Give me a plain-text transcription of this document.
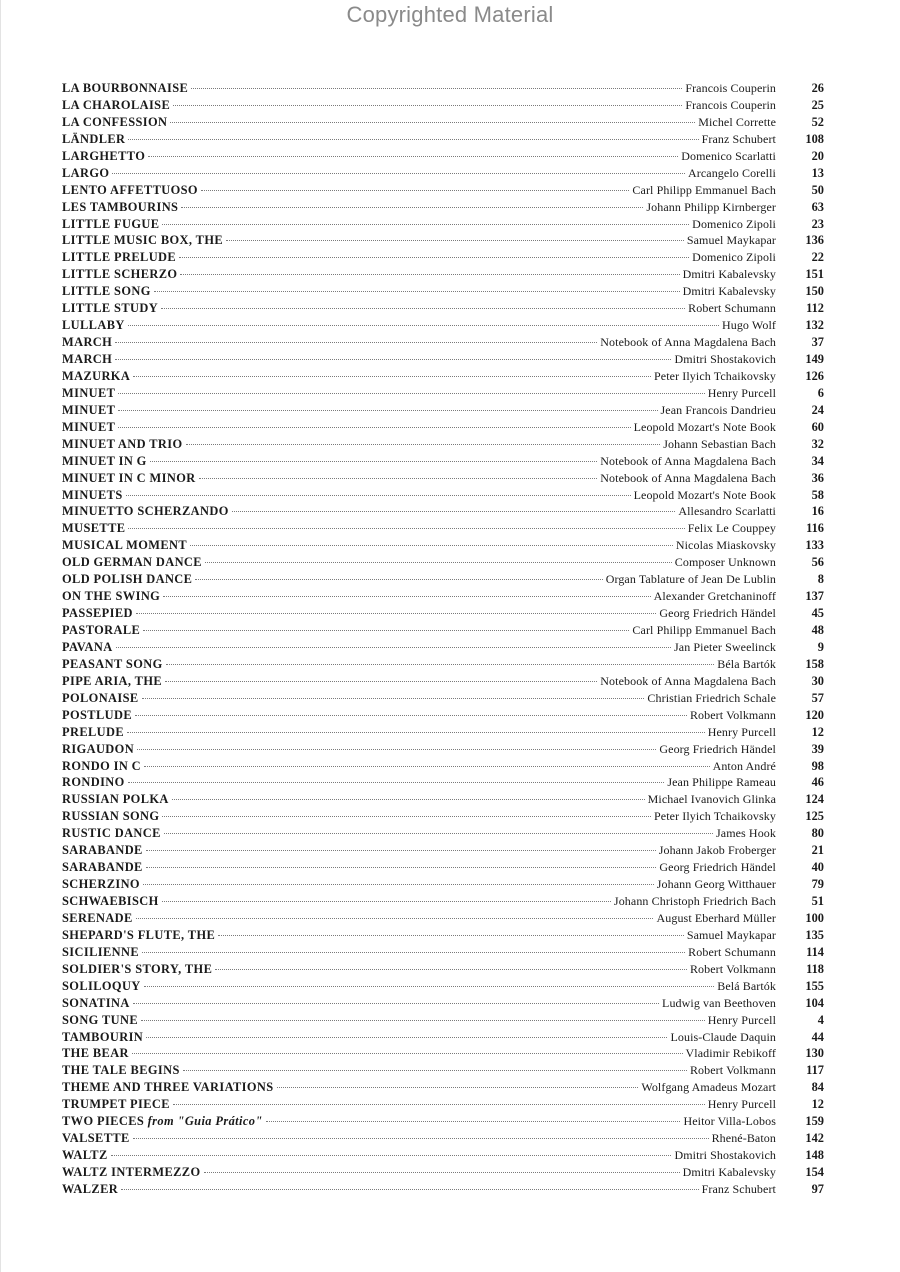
Copyrighted Material
LA BOURBONNAISE	Francois Couperin	26
LA CHAROLAISE	Francois Couperin	25
LA CONFESSION	Michel Corrette	52
LÄNDLER	Franz Schubert	108
LARGHETTO	Domenico Scarlatti	20
LARGO	Arcangelo Corelli	13
LENTO AFFETTUOSO	Carl Philipp Emmanuel Bach	50
LES TAMBOURINS	Johann Philipp Kirnberger	63
LITTLE FUGUE	Domenico Zipoli	23
LITTLE MUSIC BOX, THE	Samuel Maykapar	136
LITTLE PRELUDE	Domenico Zipoli	22
LITTLE SCHERZO	Dmitri Kabalevsky	151
LITTLE SONG	Dmitri Kabalevsky	150
LITTLE STUDY	Robert Schumann	112
LULLABY	Hugo Wolf	132
MARCH	Notebook of Anna Magdalena Bach	37
MARCH	Dmitri Shostakovich	149
MAZURKA	Peter Ilyich Tchaikovsky	126
MINUET	Henry Purcell	6
MINUET	Jean Francois Dandrieu	24
MINUET	Leopold Mozart's Note Book	60
MINUET AND TRIO	Johann Sebastian Bach	32
MINUET IN G	Notebook of Anna Magdalena Bach	34
MINUET IN C MINOR	Notebook of Anna Magdalena Bach	36
MINUETS	Leopold Mozart's Note Book	58
MINUETTO SCHERZANDO	Allesandro Scarlatti	16
MUSETTE	Felix Le Couppey	116
MUSICAL MOMENT	Nicolas Miaskovsky	133
OLD GERMAN DANCE	Composer Unknown	56
OLD POLISH DANCE	Organ Tablature of Jean De Lublin	8
ON THE SWING	Alexander Gretchaninoff	137
PASSEPIED	Georg Friedrich Händel	45
PASTORALE	Carl Philipp Emmanuel Bach	48
PAVANA	Jan Pieter Sweelinck	9
PEASANT SONG	Béla Bartók	158
PIPE ARIA, THE	Notebook of Anna Magdalena Bach	30
POLONAISE	Christian Friedrich Schale	57
POSTLUDE	Robert Volkmann	120
PRELUDE	Henry Purcell	12
RIGAUDON	Georg Friedrich Händel	39
RONDO IN C	Anton André	98
RONDINO	Jean Philippe Rameau	46
RUSSIAN POLKA	Michael Ivanovich Glinka	124
RUSSIAN SONG	Peter Ilyich Tchaikovsky	125
RUSTIC DANCE	James Hook	80
SARABANDE	Johann Jakob Froberger	21
SARABANDE	Georg Friedrich Händel	40
SCHERZINO	Johann Georg Witthauer	79
SCHWAEBISCH	Johann Christoph Friedrich Bach	51
SERENADE	August Eberhard Müller	100
SHEPARD'S FLUTE, THE	Samuel Maykapar	135
SICILIENNE	Robert Schumann	114
SOLDIER'S STORY, THE	Robert Volkmann	118
SOLILOQUY	Belá Bartók	155
SONATINA	Ludwig van Beethoven	104
SONG TUNE	Henry Purcell	4
TAMBOURIN	Louis-Claude Daquin	44
THE BEAR	Vladimir Rebikoff	130
THE TALE BEGINS	Robert Volkmann	117
THEME AND THREE VARIATIONS	Wolfgang Amadeus Mozart	84
TRUMPET PIECE	Henry Purcell	12
TWO PIECES from "Guia Prático"	Heitor Villa-Lobos	159
VALSETTE	Rhené-Baton	142
WALTZ	Dmitri Shostakovich	148
WALTZ INTERMEZZO	Dmitri Kabalevsky	154
WALZER	Franz Schubert	97
